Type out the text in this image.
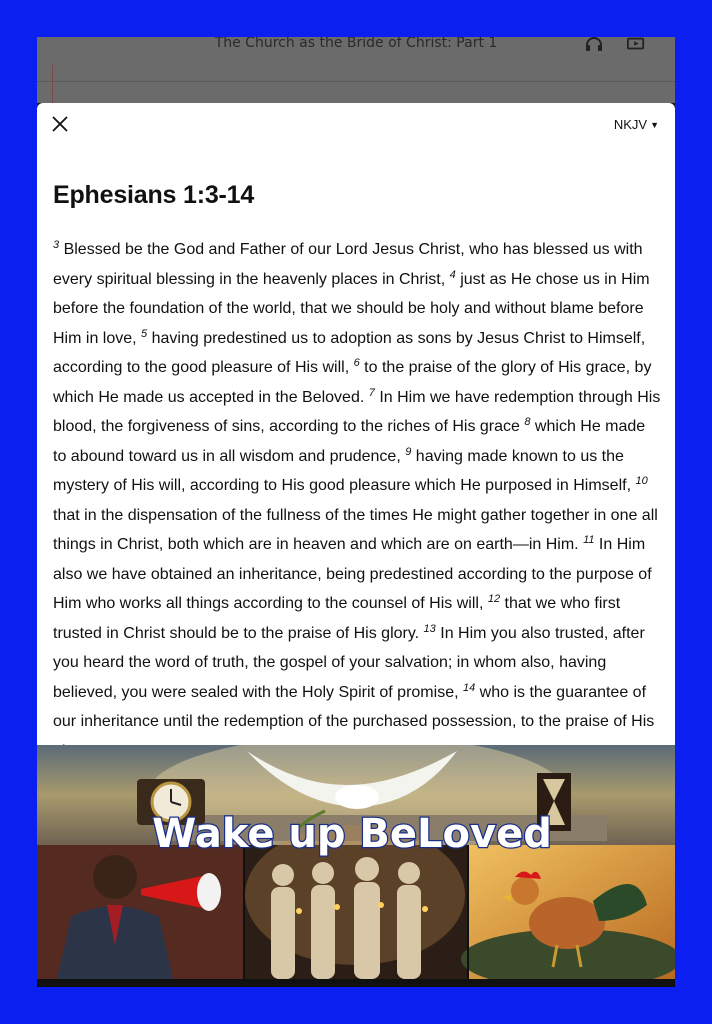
The Church as the Bride of Christ: Part 1
NKJV ▼
Ephesians 1:3-14
$^3$ Blessed be the God and Father of our Lord Jesus Christ, who has blessed us with every spiritual blessing in the heavenly places in Christ, $^4$ just as He chose us in Him before the foundation of the world, that we should be holy and without blame before Him in love, $^5$ having predestined us to adoption as sons by Jesus Christ to Himself, according to the good pleasure of His will, $^6$ to the praise of the glory of His grace, by which He made us accepted in the Beloved. $^7$ In Him we have redemption through His blood, the forgiveness of sins, according to the riches of His grace $^8$ which He made to abound toward us in all wisdom and prudence, $^9$ having made known to us the mystery of His will, according to His good pleasure which He purposed in Himself, $^{10}$ that in the dispensation of the fullness of the times He might gather together in one all things in Christ, both which are in heaven and which are on earth—in Him. $^{11}$ In Him also we have obtained an inheritance, being predestined according to the purpose of Him who works all things according to the counsel of His will, $^{12}$ that we who first trusted in Christ should be to the praise of His glory. $^{13}$ In Him you also trusted, after you heard the word of truth, the gospel of your salvation; in whom also, having believed, you were sealed with the Holy Spirit of promise, $^{14}$ who is the guarantee of our inheritance until the redemption of the purchased possession, to the praise of His
Wake up BeLoved
